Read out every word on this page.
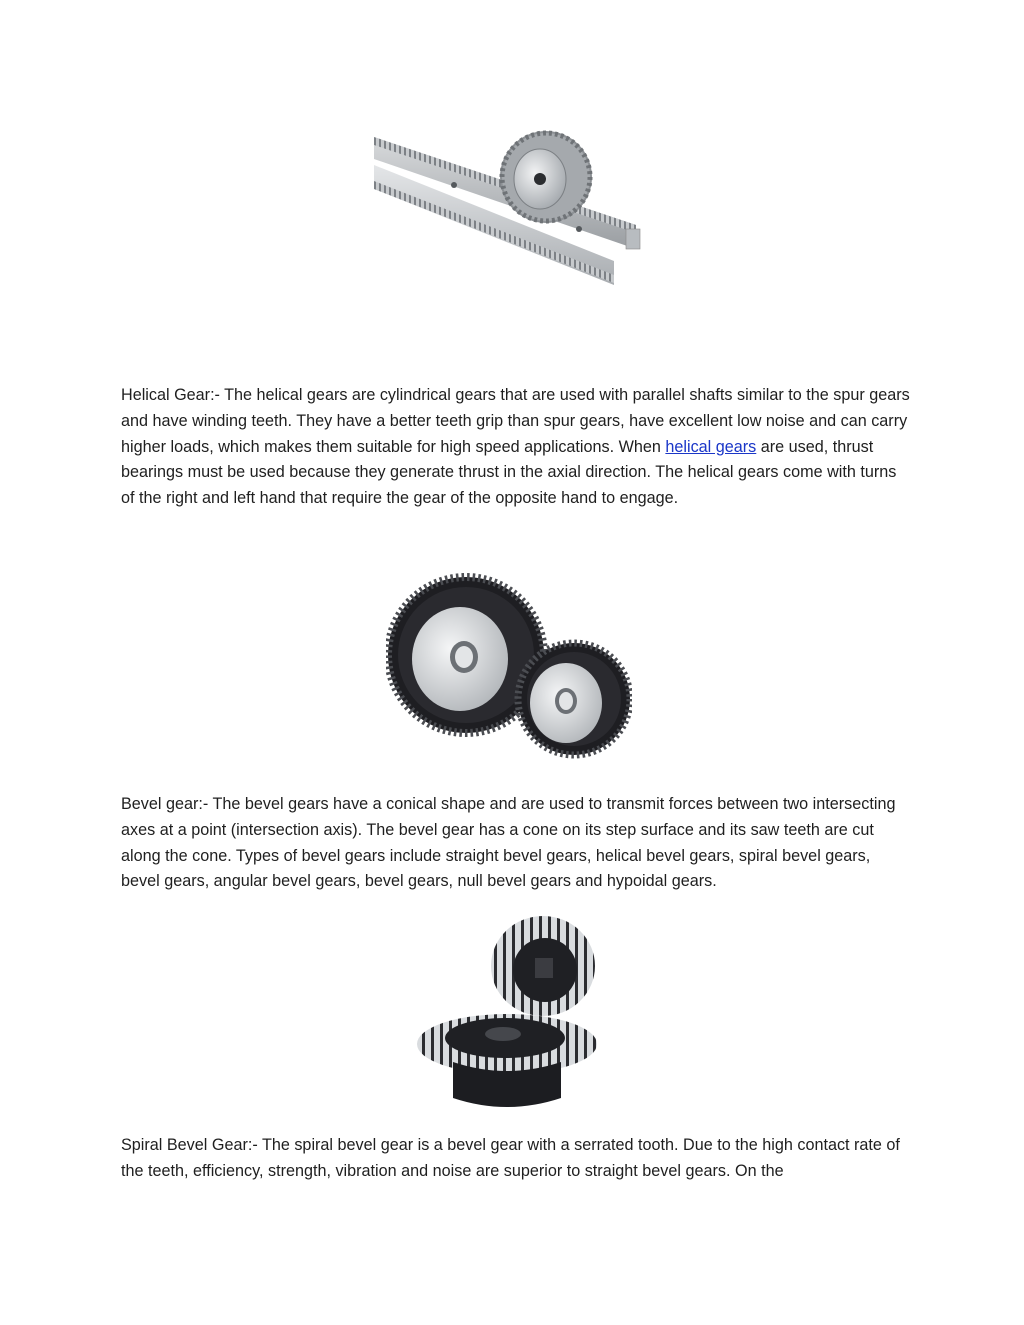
Helical Gear:- The helical gears are cylindrical gears that are used with parallel shafts similar to the spur gears and have winding teeth. They have a better teeth grip than spur gears, have excellent low noise and can carry higher loads, which makes them suitable for high speed applications. When helical gears are used, thrust bearings must be used because they generate thrust in the axial direction. The helical gears come with turns of the right and left hand that require the gear of the opposite hand to engage.

Bevel gear:- The bevel gears have a conical shape and are used to transmit forces between two intersecting axes at a point (intersection axis). The bevel gear has a cone on its step surface and its saw teeth are cut along the cone. Types of bevel gears include straight bevel gears, helical bevel gears, spiral bevel gears, bevel gears, angular bevel gears, bevel gears, null bevel gears and hypoidal gears.

Spiral Bevel Gear:- The spiral bevel gear is a bevel gear with a serrated tooth. Due to the high contact rate of the teeth, efficiency, strength, vibration and noise are superior to straight bevel gears. On the
